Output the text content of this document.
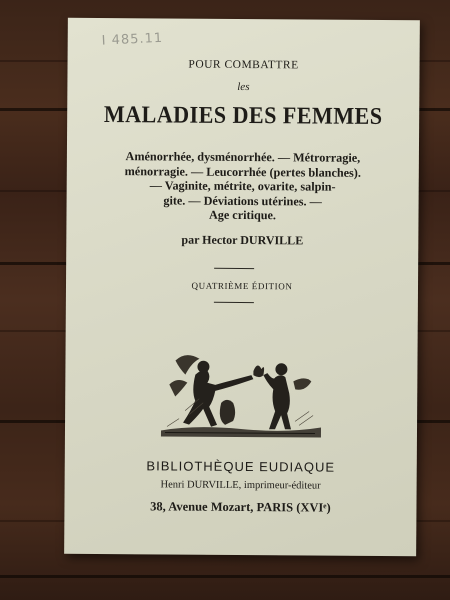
I 485.11
POUR COMBATTRE
les
MALADIES DES FEMMES
Aménorrhée, dysménorrhée. — Métrorragie,
ménorragie. — Leucorrhée (pertes blanches).
— Vaginite, métrite, ovarite, salpin-
gite. — Déviations utérines. —
Age critique.
par Hector DURVILLE
QUATRIÈME ÉDITION
BIBLIOTHÈQUE EUDIAQUE
Henri DURVILLE, imprimeur-éditeur
38, Avenue Mozart, PARIS (XVIᵉ)
